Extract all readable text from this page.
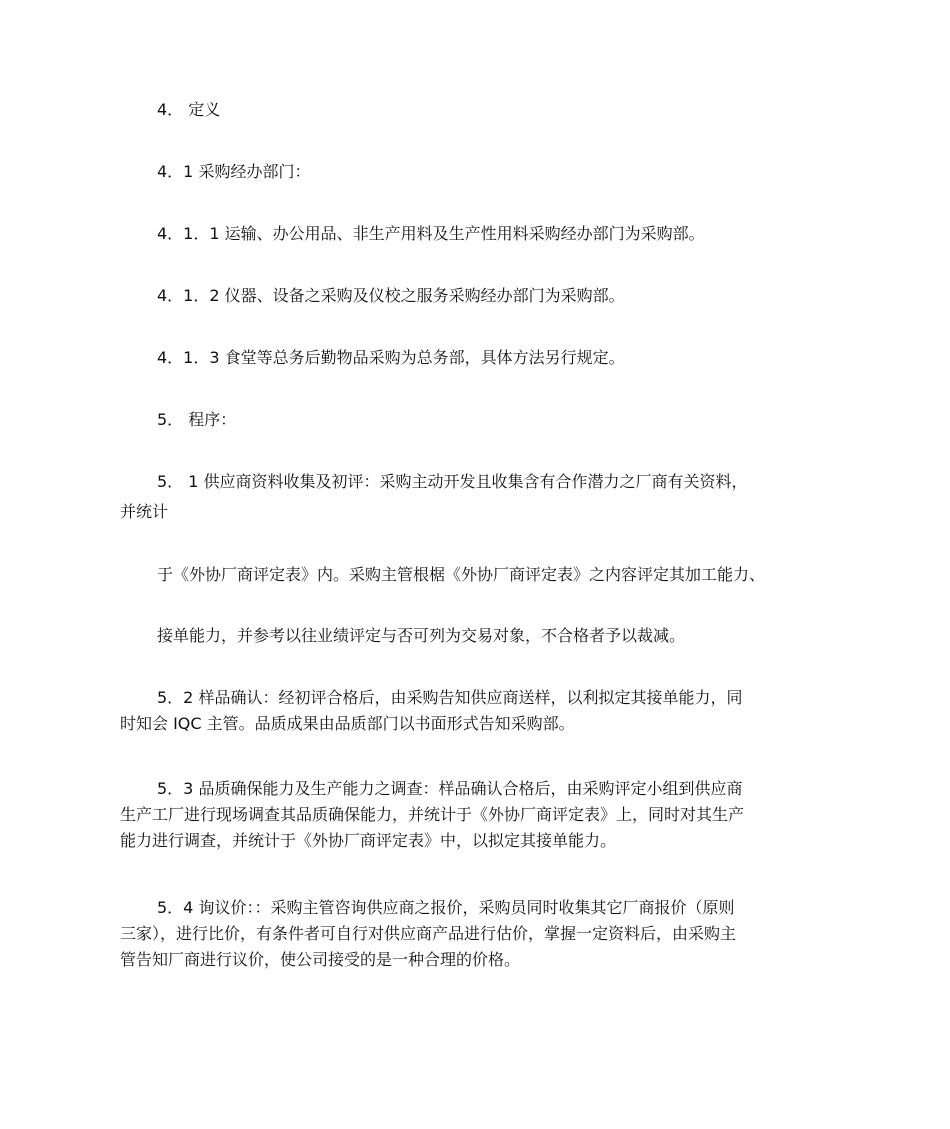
4． 定义
4．1 采购经办部门：
4．1．1 运输、办公用品、非生产用料及生产性用料采购经办部门为采购部。
4．1．2 仪器、设备之采购及仪校之服务采购经办部门为采购部。
4．1．3 食堂等总务后勤物品采购为总务部，具体方法另行规定。
5． 程序：
5． 1 供应商资料收集及初评：采购主动开发且收集含有合作潜力之厂商有关资料，
并统计
于《外协厂商评定表》内。采购主管根椐《外协厂商评定表》之内容评定其加工能力、
接单能力，并参考以往业绩评定与否可列为交易对象，不合格者予以裁减。
5．2 样品确认：经初评合格后，由采购告知供应商送样，以利拟定其接单能力，同
时知会 IQC 主管。品质成果由品质部门以书面形式告知采购部。
5．3 品质确保能力及生产能力之调查：样品确认合格后，由采购评定小组到供应商
生产工厂进行现场调查其品质确保能力，并统计于《外协厂商评定表》上，同时对其生产
能力进行调查，并统计于《外协厂商评定表》中，以拟定其接单能力。
5．4 询议价：：采购主管咨询供应商之报价，采购员同时收集其它厂商报价（原则
三家），进行比价，有条件者可自行对供应商产品进行估价，掌握一定资料后，由采购主
管告知厂商进行议价，使公司接受的是一种合理的价格。
